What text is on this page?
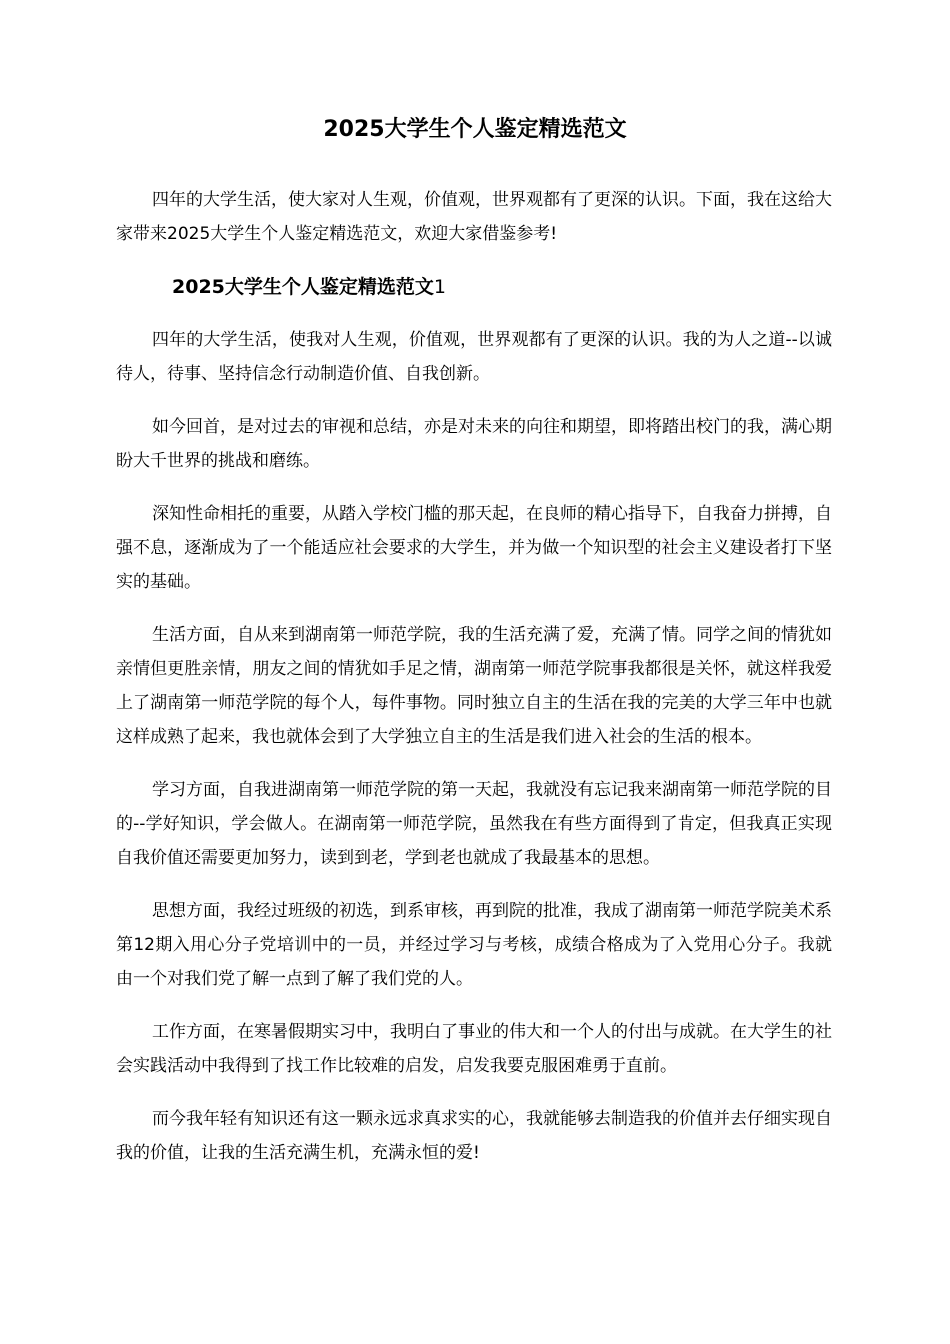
2025大学生个人鉴定精选范文

四年的大学生活，使大家对人生观，价值观，世界观都有了更深的认识。下面，我在这给大家带来2025大学生个人鉴定精选范文，欢迎大家借鉴参考!

2025大学生个人鉴定精选范文1

四年的大学生活，使我对人生观，价值观，世界观都有了更深的认识。我的为人之道--以诚待人，待事、坚持信念行动制造价值、自我创新。

如今回首，是对过去的审视和总结，亦是对未来的向往和期望，即将踏出校门的我，满心期盼大千世界的挑战和磨练。

深知性命相托的重要，从踏入学校门槛的那天起，在良师的精心指导下，自我奋力拼搏，自强不息，逐渐成为了一个能适应社会要求的大学生，并为做一个知识型的社会主义建设者打下坚实的基础。

生活方面，自从来到湖南第一师范学院，我的生活充满了爱，充满了情。同学之间的情犹如亲情但更胜亲情，朋友之间的情犹如手足之情，湖南第一师范学院事我都很是关怀，就这样我爱上了湖南第一师范学院的每个人，每件事物。同时独立自主的生活在我的完美的大学三年中也就这样成熟了起来，我也就体会到了大学独立自主的生活是我们进入社会的生活的根本。

学习方面，自我进湖南第一师范学院的第一天起，我就没有忘记我来湖南第一师范学院的目的--学好知识，学会做人。在湖南第一师范学院，虽然我在有些方面得到了肯定，但我真正实现自我价值还需要更加努力，读到到老，学到老也就成了我最基本的思想。

思想方面，我经过班级的初选，到系审核，再到院的批准，我成了湖南第一师范学院美术系第12期入用心分子党培训中的一员，并经过学习与考核，成绩合格成为了入党用心分子。我就由一个对我们党了解一点到了解了我们党的人。

工作方面，在寒暑假期实习中，我明白了事业的伟大和一个人的付出与成就。在大学生的社会实践活动中我得到了找工作比较难的启发，启发我要克服困难勇于直前。

而今我年轻有知识还有这一颗永远求真求实的心，我就能够去制造我的价值并去仔细实现自我的价值，让我的生活充满生机，充满永恒的爱!
